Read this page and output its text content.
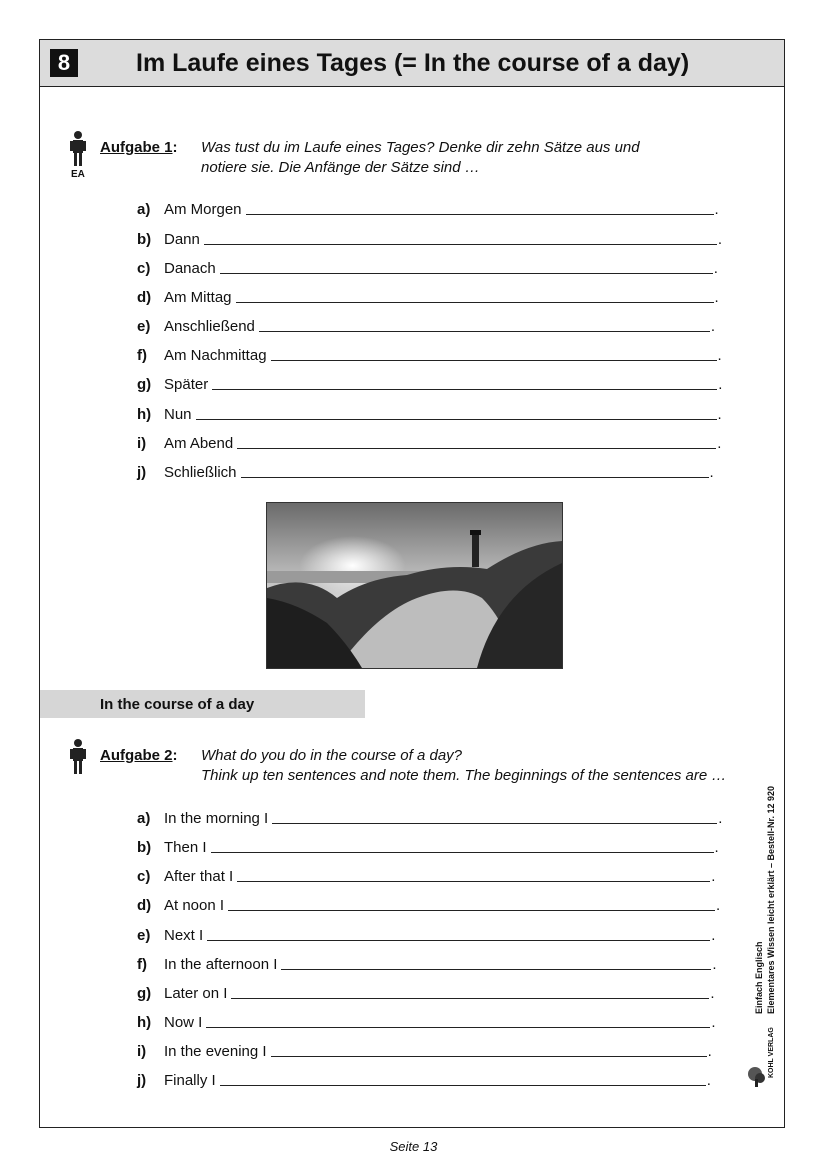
8	Im Laufe eines Tages (= In the course of a day)
EA
Aufgabe 1: Was tust du im Laufe eines Tages? Denke dir zehn Sätze aus und
notiere sie. Die Anfänge der Sätze sind …
a) Am Morgen	.
b) Dann	.
c) Danach	.
d) Am Mittag	.
e) Anschließend	.
f)	Am Nachmittag	.
g) Später	.
h) Nun	.
i)	Am Abend	.
j)	Schließlich	.
In the course of a day
Aufgabe 2: What do you do in the course of a day?
Think up ten sentences and note them. The beginnings of the sentences are …
a) In the morning I	.
b) Then I	.
c) After that I	.
d) At noon I	.
e) Next I	.
f)	In the afternoon I	.
g) Later on I	.
h) Now I	.
i)	In the evening I	.
j)	Finally I	.
Einfach Englisch Elementares Wissen leicht erklärt – Bestell-Nr. 12 920
KOHL VERLAG
Seite 13
